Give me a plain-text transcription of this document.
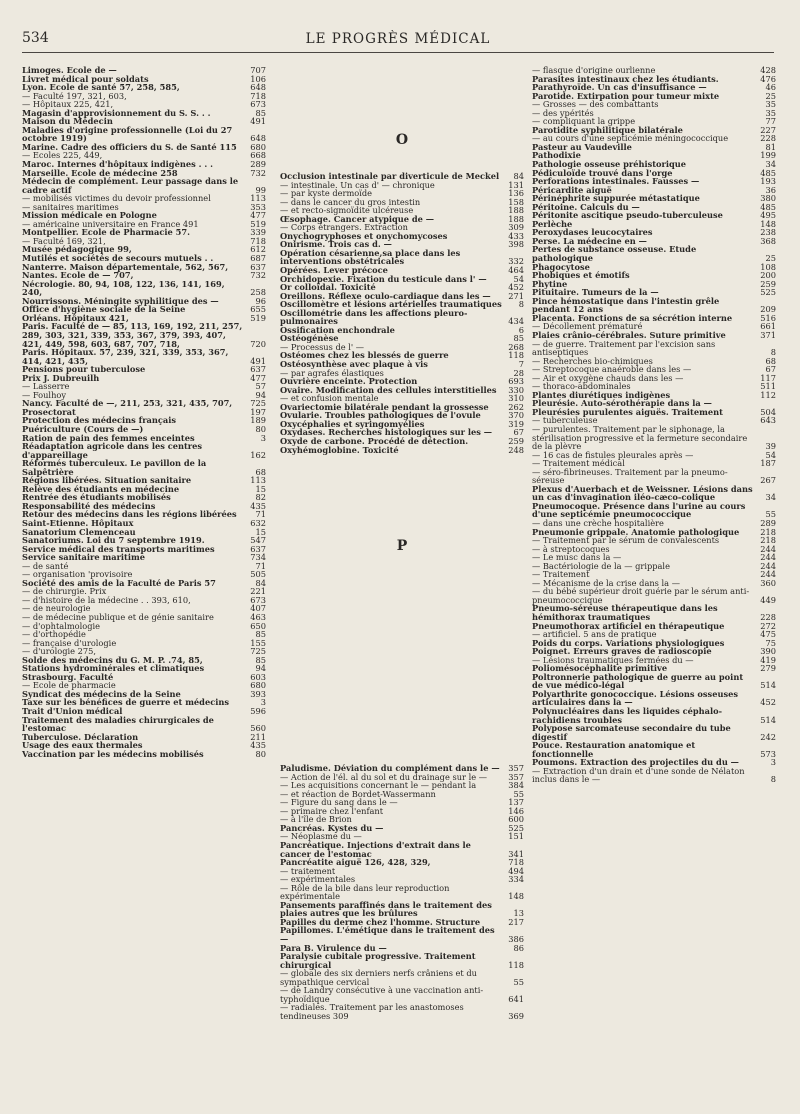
534	LE PROGRÈS MÉDICAL
Limoges. Ecole de —	707
Livret médical pour soldats	106
Lyon. Ecole de santé 57, 258, 585,	648
— Faculté 197, 321, 603,	718
— Hôpitaux 225, 421,	673
Magasin d'approvisionnement du S. S. . .	85
Maison du Médecin	491
Maladies d'origine professionnelle (Loi du 27 octobre 1919)	648
Marine. Cadre des officiers du S. de Santé 115 680
— Ecoles 225, 449,	668
Maroc. Internes d'hôpitaux indigènes . . .	289
Marseille. Ecole de médecine 258	732
Médecin de complément. Leur passage dans le cadre actif	99
— mobilisés victimes du devoir professionnel	113
— sanitaires maritimes	353
Mission médicale en Pologne	477
— américaine universitaire en France 491	519
Montpellier. Ecole de Pharmacie 57.	339
— Faculté 169, 321,	718
Musée pédagogique 99,	612
Mutilés et sociétés de secours mutuels . .	687
Nanterre. Maison départementale, 562, 567,	637
Nantes. Ecole de — 707,	732
Nécrologie. 80, 94, 108, 122, 136, 141, 169, 240,	258
Nourrissons. Méningite syphilitique des —	96
Office d'hygiène sociale de la Seine	655
Orléans. Hôpitaux 421,	519
Paris. Faculté de — 85, 113, 169, 192, 211, 257, 289, 303, 321, 339, 353, 367, 379, 393, 407, 421, 449, 598, 603, 687, 707, 718,	720
Paris. Hôpitaux. 57, 239, 321, 339, 353, 367, 414, 421, 435,	491
Pensions pour tuberculose	637
Prix J. Dubreuilh	477
— Lasserre	57
— Foulhoy	94
Nancy. Faculté de —, 211, 253, 321, 435, 707, 725
Prosectorat	197
Protection des médecins français	189
Puériculture (Cours de —)	80
Ration de pain des femmes enceintes	3
Réadaptation agricole dans les centres d'appareillage	162
Réformés tuberculeux. Le pavillon de la Salpêtrière	68
Régions libérées. Situation sanitaire	113
Relève des étudiants en médecine	15
Rentrée des étudiants mobilisés	82
Responsabilité des médecins	435
Retour des médecins dans les régions libérées 71
Saint-Etienne. Hôpitaux	632
Sanatorium Clemenceau	15
Sanatoriums. Loi du 7 septembre 1919.	547
Service médical des transports maritimes	637
Service sanitaire maritime	734
— de santé	71
— organisation 'provisoire	505
Société des amis de la Faculté de Paris 57	84
— de chirurgie. Prix	221
— d'histoire de la médecine . . 393, 610,	673
— de neurologie	407
— de médecine publique et de génie sanitaire	463
— d'ophtalmologie	650
— d'orthopédie	85
— française d'urologie	155
— d'urologie 275,	725
Solde des médecins du G. M. P. .74, 85,	85
Stations hydrominérales et climatiques	94
Strasbourg. Faculté	603
— Ecole de pharmacie	680
Syndicat des médecins de la Seine	393
Taxe sur les bénéfices de guerre et médecins	3
Trait d'Union médical	596
Traitement des maladies chirurgicales de l'estomac	560
Tuberculose. Déclaration	211
Usage des eaux thermales	435
Vaccination par les médecins mobilisés	80
O
Occlusion intestinale par diverticule de Meckel 84
— intestinale. Un cas d' — chronique	131
— par kyste dermoïde	136
— dans le cancer du gros intestin	158
— et recto-sigmoïdite ulcéreuse	188
Œsophage. Cancer atypique de —	188
— Corps étrangers. Extraction	309
Onychogryphoses et onychomycoses	433
Onirisme. Trois cas d. —	398
Opération césarienne,sa place dans les interventions obstétricales	332
Opérées. Lever précoce	464
Orchidopexie. Fixation du testicule dans l' —	54
Or colloïdal. Toxicité	452
Oreillons. Réflexe oculo-cardiaque dans les — 271
Oscillomètre et lésions artérielles traumatiques 8
Oscillométrie dans les affections pleuro-pulmonaires	434
Ossification enchondrale	6
Ostéogénèse	85
— Processus de l' —	268
Ostéomes chez les blessés de guerre	118
Ostéosynthèse avec plaque à vis	7
— par agrafes élastiques	28
Ouvrière enceinte. Protection	693
Ovaire. Modification des cellules interstitielles 330
— et confusion mentale	310
Ovariectomie bilatérale pendant la grossesse 262
Ovularie. Troubles pathologiques de l'ovule	370
Oxycéphalies et syringomyélies	319
Oxydases. Recherches histologiques sur les —	67
Oxyde de carbone. Procédé de détection.	259
Oxyhémoglobine. Toxicité	248
P
Paludisme. Déviation du complément dans le — 357
— Action de l'él. al du sol et du drainage sur le —	357
— Les acquisitions concernant le — pendant la	384
— et réaction de Bordet-Wassermann	55
— Figure du sang dans le —	137
— primaire chez l'enfant	146
— à l'île de Brion	600
Pancréas. Kystes du —	525
— Néoplasme du —	151
Pancréatique. Injections d'extrait dans le cancer de l'estomac	341
Pancréatite aiguë 126, 428, 329,	718
— traitement	494
— expérimentales	334
— Rôle de la bile dans leur reproduction expérimentale	148
Pansements paraffinés dans le traitement des plaies autres que les brûlures	13
Papilles du derme chez l'homme. Structure	217
Papillomes. L'émétique dans le traitement des —	386
Para B. Virulence du —	86
Paralysie cubitale progressive. Traitement chirurgical	118
— globale des six derniers nerfs crâniens et du sympathique cervical	55
— de Landry consécutive à une vaccination anti-typhoïdique	641
— radiales. Traitement par les anastomoses tendineuses 309	369
— flasque d'origine ourlienne	428
Parasites intestinaux chez les étudiants.	476
Parathyroïde. Un cas d'insuffisance —	46
Parotide. Extirpation pour tumeur mixte	25
— Grosses — des combattants	35
— des ypérités	35
— compliquant la grippe	77
Parotidite syphilitique bilatérale	227
— au cours d'une septicémie méningococcique	228
Pasteur au Vaudeville	81
Pathodixie	199
Pathologie osseuse préhistorique	34
Pédiculoïde trouvé dans l'orge	485
Perforations intestinales. Fausses —	193
Péricardite aiguë	36
Périnéphrite suppurée métastatique	380
Péritoine. Calculs du —	485
Péritonite ascitique pseudo-tuberculeuse	495
Perlèche	148
Peroxydases leucocytaires	238
Perse. La médecine en —	368
Pertes de substance osseuse. Etude pathologique	25
Phagocytose	108
Phobiques et émotifs	200
Phytine	259
Pituitaire. Tumeurs de la —	525
Pince hémostatique dans l'intestin grêle pendant 12 ans	209
Placenta. Fonctions de sa sécrétion interne	516
— Décollement prématuré	661
Plaies crânio-cérébrales. Suture primitive	371
— de guerre. Traitement par l'excision sans antiseptiques	8
— Recherches bio-chimiques	68
— Streptocoque anaérobie dans les —	67
— Air et oxygène chauds dans les —	117
— thoraco-abdominales	511
Plantes diurétiques indigènes	112
Pleurésie. Auto-sérothérapie dans la —
Pleurésies purulentes aiguës. Traitement	504
— tuberculeuse	643
— purulentes. Traitement par le siphonage, la stérilisation progressive et la fermeture secondaire de la plèvre	39
— 16 cas de fistules pleurales après —	54
— Traitement médical	187
— séro-fibrineuses. Traitement par la pneumo-séreuse	267
Plexus d'Auerbach et de Weissner. Lésions dans un cas d'invagination iléo-cæco-colique	34
Pneumocoque. Présence dans l'urine au cours d'une septicémie pneumococcique	55
— dans une crèche hospitalière	289
Pneumonie grippale. Anatomie pathologique	218
— Traitement par le sérum de convalescents	218
— à streptocoques	244
— Le musc dans la —	244
— Bactériologie de la — grippale	244
— Traitement	244
— Mécanisme de la crise dans la —	360
— du bébé supérieur droit guérie par le sérum anti-pneumococcique	449
Pneumo-séreuse thérapeutique dans les hémithorax traumatiques	228
Pneumothorax artificiel en thérapeutique	272
— artificiel. 5 ans de pratique	475
Poids du corps. Variations physiologiques	75
Poignet. Erreurs graves de radioscopie	390
— Lésions traumatiques fermées du —	419
Poliomésocéphalite primitive	279
Poltronnerie pathologique de guerre au point de vue médico-légal	514
Polyarthrite gonococcique. Lésions osseuses articulaires dans la —	452
Polynucléaires dans les liquides céphalo-rachidiens troubles	514
Polypose sarcomateuse secondaire du tube digestif	242
Pouce. Restauration anatomique et fonctionnelle	573
Poumons. Extraction des projectiles du du —	3
— Extraction d'un drain et d'une sonde de Nélaton inclus dans le —	8
